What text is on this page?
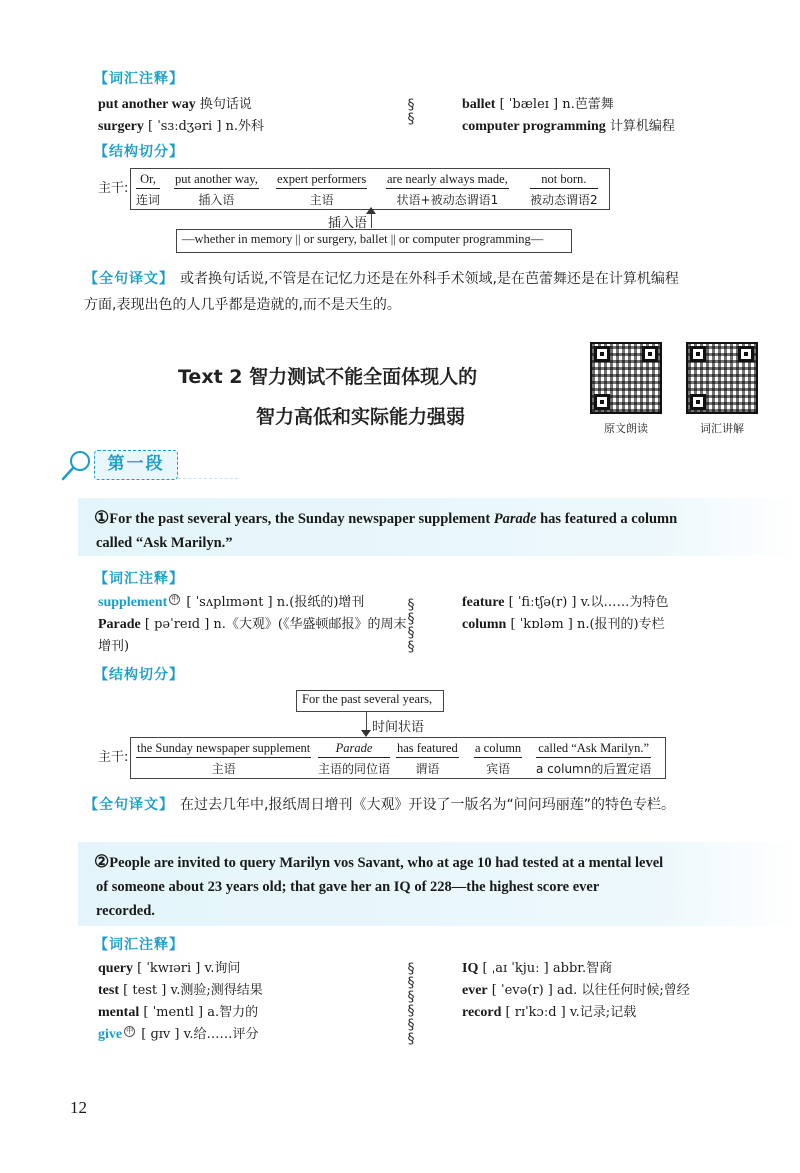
【词汇注释】
put another way 换句话说
surgery [ ˈsɜːdʒəri ] n.外科
§
§
ballet [ ˈbæleɪ ] n.芭蕾舞
computer programming 计算机编程
【结构切分】
主干:
Or,
连词
put another way,
插入语
expert performers
主语
are nearly always made,
状语+被动态谓语1
not born.
被动态谓语2
插入语
—whether in memory || or surgery, ballet || or computer programming—
【全句译文】 或者换句话说,不管是在记忆力还是在外科手术领域,是在芭蕾舞还是在计算机编程
方面,表现出色的人几乎都是造就的,而不是天生的。
Text 2 智力测试不能全面体现人的
智力高低和实际能力强弱
原文朗读	词汇讲解
第一段
①For the past several years, the Sunday newspaper supplement Parade has featured a column
called “Ask Marilyn.”
【词汇注释】
supplement 中 [ ˈsʌplɪmənt ] n.(报纸的)增刊
Parade [ pəˈreɪd ] n.《大观》(《华盛顿邮报》的周末
增刊)
§
§
§
§
feature [ ˈfiːtʃə(r) ] v.以……为特色
column [ ˈkɒləm ] n.(报刊的)专栏
【结构切分】
For the past several years,
时间状语
主干:
the Sunday newspaper supplement
主语
Parade
主语的同位语
has featured
谓语
a column
宾语
called “Ask Marilyn.”
a column的后置定语
【全句译文】 在过去几年中,报纸周日增刊《大观》开设了一版名为“问问玛丽莲”的特色专栏。
②People are invited to query Marilyn vos Savant, who at age 10 had tested at a mental level
of someone about 23 years old; that gave her an IQ of 228—the highest score ever
recorded.
【词汇注释】
query [ ˈkwɪəri ] v.询问
test [ test ] v.测验;测得结果
mental [ ˈmentl ] a.智力的
give 中 [ ɡɪv ] v.给……评分
§
§
§
§
§
§
IQ [ ˌaɪ ˈkjuː ] abbr.智商
ever [ ˈevə(r) ] ad. 以往任何时候;曾经
record [ rɪˈkɔːd ] v.记录;记载
12
